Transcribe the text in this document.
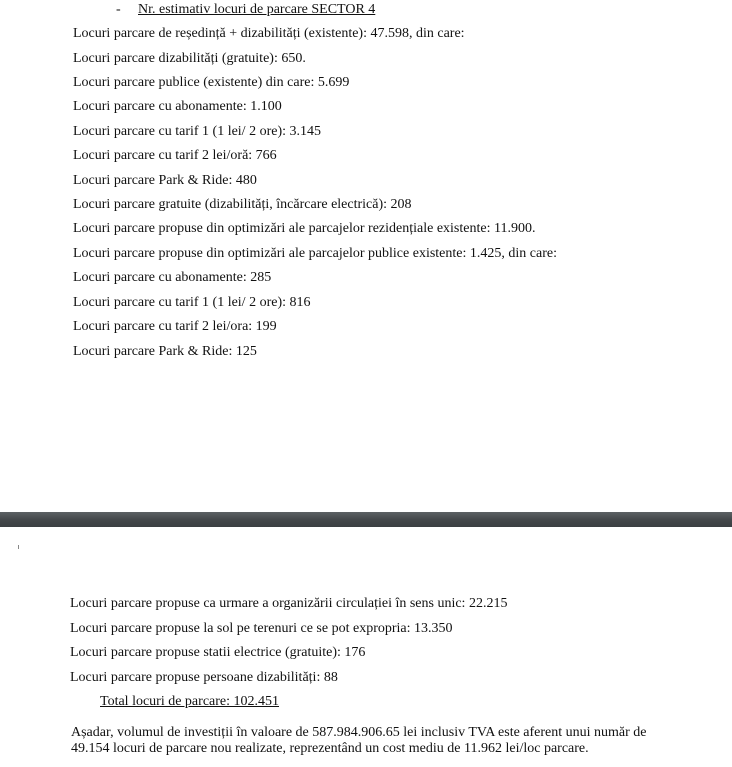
- Nr. estimativ locuri de parcare SECTOR 4
Locuri parcare de reședință + dizabilități (existente): 47.598, din care:
Locuri parcare dizabilități (gratuite): 650.
Locuri parcare publice (existente) din care: 5.699
Locuri parcare cu abonamente: 1.100
Locuri parcare cu tarif 1 (1 lei/ 2 ore): 3.145
Locuri parcare cu tarif 2 lei/oră: 766
Locuri parcare Park & Ride: 480
Locuri parcare gratuite (dizabilități, încărcare electrică): 208
Locuri parcare propuse din optimizări ale parcajelor rezidențiale existente: 11.900.
Locuri parcare propuse din optimizări ale parcajelor publice existente: 1.425, din care:
Locuri parcare cu abonamente: 285
Locuri parcare cu tarif 1 (1 lei/ 2 ore): 816
Locuri parcare cu tarif 2 lei/ora: 199
Locuri parcare Park & Ride: 125
Locuri parcare propuse ca urmare a organizării circulației în sens unic: 22.215
Locuri parcare propuse la sol pe terenuri ce se pot expropria: 13.350
Locuri parcare propuse statii electrice (gratuite): 176
Locuri parcare propuse persoane dizabilități: 88
Total locuri de parcare: 102.451
Așadar, volumul de investiții în valoare de 587.984.906.65 lei inclusiv TVA este aferent unui număr de 49.154 locuri de parcare nou realizate, reprezentând un cost mediu de 11.962 lei/loc parcare.
